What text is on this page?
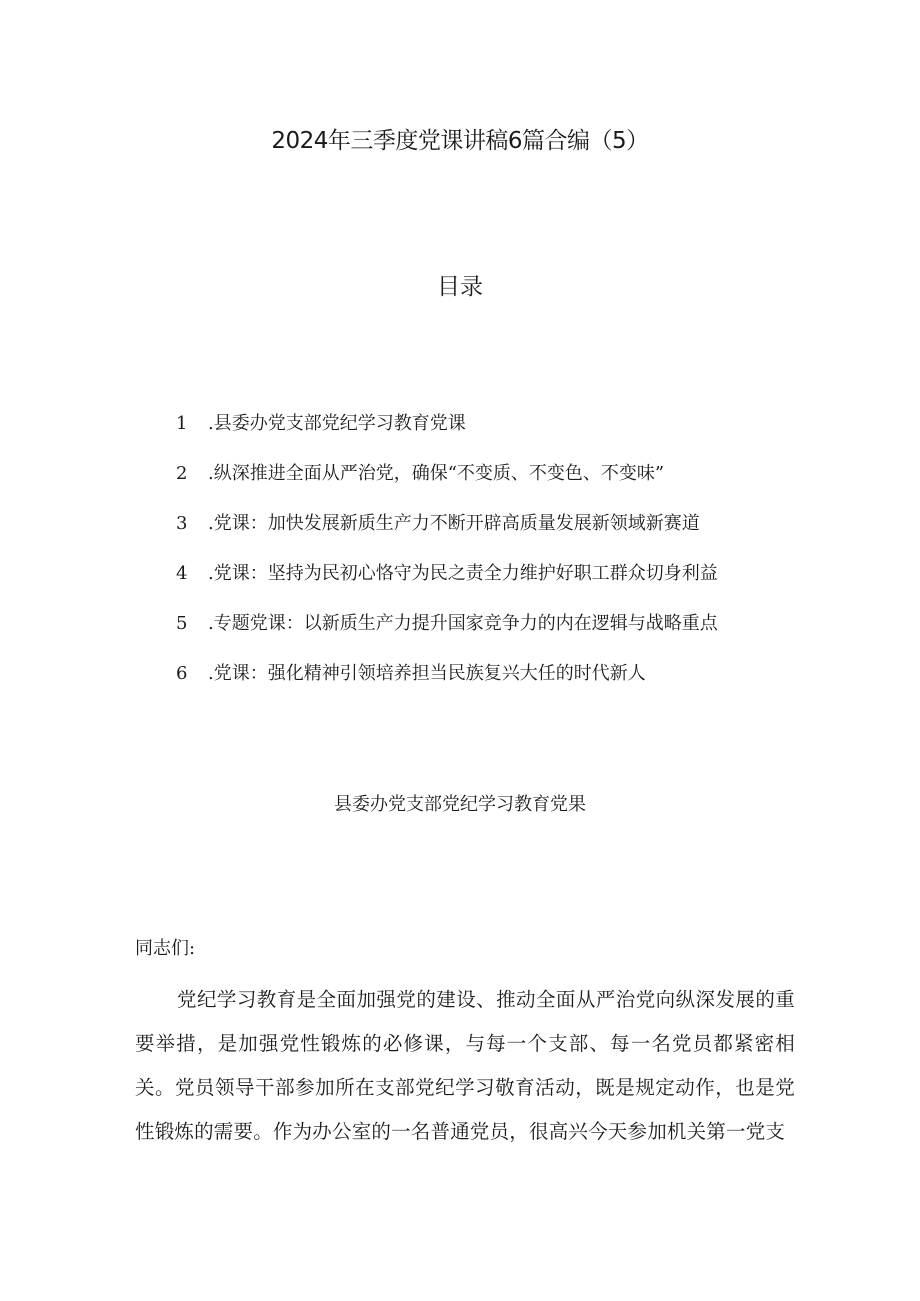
2024年三季度党课讲稿6篇合编（5）
目录
1 .县委办党支部党纪学习教育党课
2 .纵深推进全面从严治党，确保“不变质、不变色、不变味”
3 .党课：加快发展新质生产力不断开辟高质量发展新领域新赛道
4 .党课：坚持为民初心恪守为民之责全力维护好职工群众切身利益
5 .专题党课：以新质生产力提升国家竞争力的内在逻辑与战略重点
6 .党课：强化精神引领培养担当民族复兴大任的时代新人
县委办党支部党纪学习教育党果

同志们:

党纪学习教育是全面加强党的建设、推动全面从严治党向纵深发展的重要举措，是加强党性锻炼的必修课，与每一个支部、每一名党员都紧密相关。党员领导干部参加所在支部党纪学习敬育活动，既是规定动作，也是党性锻炼的需要。作为办公室的一名普通党员，很高兴今天参加机关第一党支
